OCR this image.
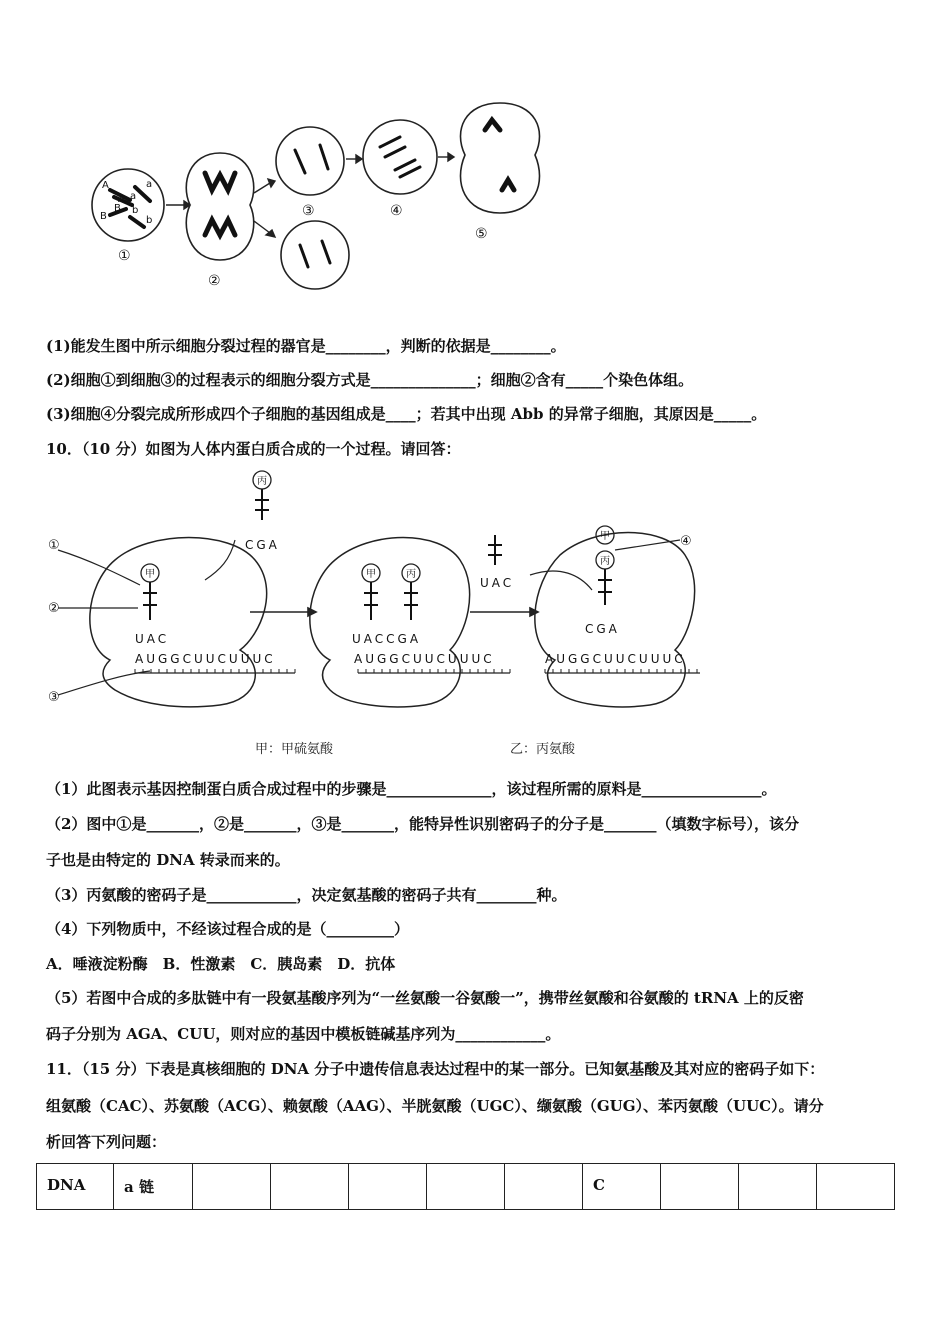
A
A
a
a
B
B b
b
①
②
③	④
⑤
(1)能发生图中所示细胞分裂过程的器官是________，判断的依据是________。
(2)细胞①到细胞③的过程表示的细胞分裂方式是______________；细胞②含有_____个染色体组。
(3)细胞④分裂完成所形成四个子细胞的基因组成是____；若其中出现 Abb 的异常子细胞，其原因是_____。
10．（10 分）如图为人体内蛋白质合成的一个过程。请回答：
丙
甲	甲	丙
甲
丙
①
②
③
④
CGA
UAC	UACCGA
UAC
CGA
AUGGCUUCUUUC	AUGGCUUCUUUC	AUGGCUUCUUUC
甲：甲硫氨酸	乙：丙氨酸
（1）此图表示基因控制蛋白质合成过程中的步骤是______________，该过程所需的原料是________________。
（2）图中①是_______，②是_______，③是_______，能特异性识别密码子的分子是_______（填数字标号），该分
子也是由特定的 DNA 转录而来的。
（3）丙氨酸的密码子是____________，决定氨基酸的密码子共有________种。
（4）下列物质中，不经该过程合成的是（_________）
A．唾液淀粉酶　B．性激素　C．胰岛素　D．抗体
（5）若图中合成的多肽链中有一段氨基酸序列为“一丝氨酸一谷氨酸一”，携带丝氨酸和谷氨酸的 tRNA 上的反密
码子分别为 AGA、CUU，则对应的基因中模板链碱基序列为____________。
11．（15 分）下表是真核细胞的 DNA 分子中遗传信息表达过程中的某一部分。已知氨基酸及其对应的密码子如下：
组氨酸（CAC）、苏氨酸（ACG）、赖氨酸（AAG）、半胱氨酸（UGC）、缬氨酸（GUG）、苯丙氨酸（UUC）。请分
析回答下列问题：
DNA	a 链						C			
